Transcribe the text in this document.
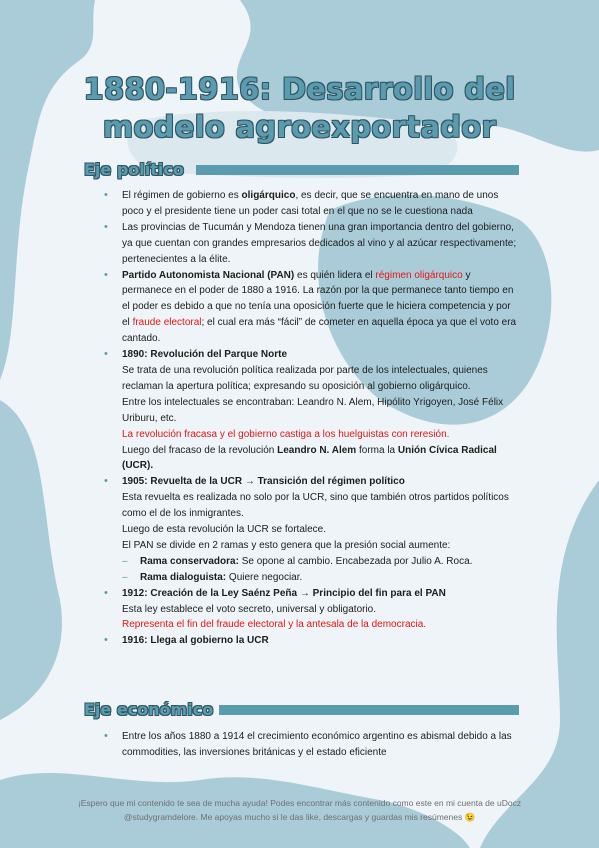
1880-1916: Desarrollo del
modelo agroexportador
Eje político
• El régimen de gobierno es oligárquico, es decir, que se encuentra en mano de unos poco y el presidente tiene un poder casi total en el que no se le cuestiona nada
• Las provincias de Tucumán y Mendoza tienen una gran importancia dentro del gobierno, ya que cuentan con grandes empresarios dedicados al vino y al azúcar respectivamente; pertenecientes a la élite.
• Partido Autonomista Nacional (PAN) es quién lidera el régimen oligárquico y permanece en el poder de 1880 a 1916. La razón por la que permanece tanto tiempo en el poder es debido a que no tenía una oposición fuerte que le hiciera competencia y por el fraude electoral; el cual era más “fácil” de cometer en aquella época ya que el voto era cantado.
• 1890: Revolución del Parque Norte
Se trata de una revolución política realizada por parte de los intelectuales, quienes reclaman la apertura política; expresando su oposición al gobierno oligárquico.
Entre los intelectuales se encontraban: Leandro N. Alem, Hipólito Yrigoyen, José Félix Uriburu, etc.
La revolución fracasa y el gobierno castiga a los huelguistas con reresión.
Luego del fracaso de la revolución Leandro N. Alem forma la Unión Cívica Radical (UCR).
• 1905: Revuelta de la UCR → Transición del régimen político
Esta revuelta es realizada no solo por la UCR, sino que también otros partidos políticos como el de los inmigrantes.
Luego de esta revolución la UCR se fortalece.
El PAN se divide en 2 ramas y esto genera que la presión social aumente:
– Rama conservadora: Se opone al cambio. Encabezada por Julio A. Roca.
– Rama dialoguista: Quiere negociar.
• 1912: Creación de la Ley Saénz Peña → Principio del fin para el PAN
Esta ley establece el voto secreto, universal y obligatorio.
Representa el fin del fraude electoral y la antesala de la democracia.
• 1916: Llega al gobierno la UCR
Eje económico
• Entre los años 1880 a 1914 el crecimiento económico argentino es abismal debido a las commodities, las inversiones británicas y el estado eficiente
¡Espero que mi contenido te sea de mucha ayuda! Podes encontrar más contenido como este en mi cuenta de uDocz
@studygramdelore. Me apoyas mucho si le das like, descargas y guardas mis resúmenes 😉
